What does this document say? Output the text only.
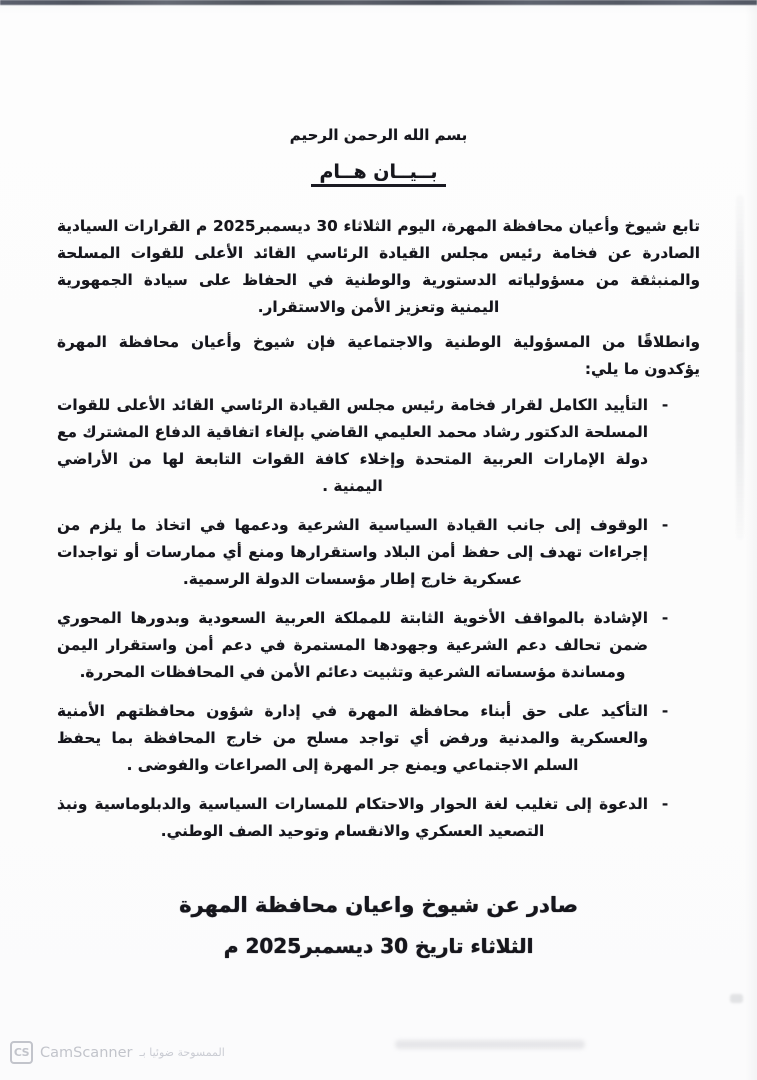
بسم الله الرحمن الرحيم
بــيــان هــام

تابع شيوخ وأعيان محافظة المهرة، اليوم الثلاثاء 30 ديسمبر2025 م القرارات السيادية الصادرة عن فخامة رئيس مجلس القيادة الرئاسي القائد الأعلى للقوات المسلحة والمنبثقة من مسؤولياته الدستورية والوطنية في الحفاظ على سيادة الجمهورية اليمنية وتعزيز الأمن والاستقرار.

وانطلاقًا من المسؤولية الوطنية والاجتماعية فإن شيوخ وأعيان محافظة المهرة يؤكدون ما يلي:

-
التأييد الكامل لقرار فخامة رئيس مجلس القيادة الرئاسي القائد الأعلى للقوات المسلحة الدكتور رشاد محمد العليمي القاضي بإلغاء اتفاقية الدفاع المشترك مع دولة الإمارات العربية المتحدة وإخلاء كافة القوات التابعة لها من الأراضي اليمنية .
-
الوقوف إلى جانب القيادة السياسية الشرعية ودعمها في اتخاذ ما يلزم من إجراءات تهدف إلى حفظ أمن البلاد واستقرارها ومنع أي ممارسات أو تواجدات عسكرية خارج إطار مؤسسات الدولة الرسمية.
-
الإشادة بالمواقف الأخوية الثابتة للمملكة العربية السعودية وبدورها المحوري ضمن تحالف دعم الشرعية وجهودها المستمرة في دعم أمن واستقرار اليمن ومساندة مؤسساته الشرعية وتثبيت دعائم الأمن في المحافظات المحررة.
-
التأكيد على حق أبناء محافظة المهرة في إدارة شؤون محافظتهم الأمنية والعسكرية والمدنية ورفض أي تواجد مسلح من خارج المحافظة بما يحفظ السلم الاجتماعي ويمنع جر المهرة إلى الصراعات والفوضى .
-
الدعوة إلى تغليب لغة الحوار والاحتكام للمسارات السياسية والدبلوماسية ونبذ التصعيد العسكري والانقسام وتوحيد الصف الوطني.
صادر عن شيوخ واعيان محافظة المهرة
الثلاثاء تاريخ 30 ديسمبر2025 م
CS CamScanner الممسوحة ضوئيا بـ
